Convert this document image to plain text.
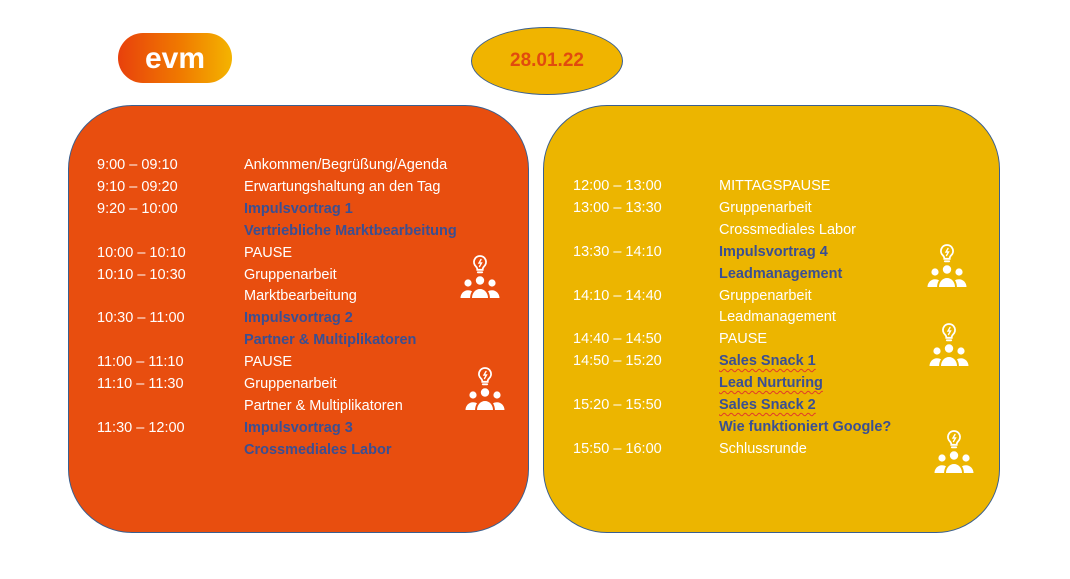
evm	28.01.22
9:00 – 09:10	Ankommen/Begrüßung/Agenda
9:10 – 09:20	Erwartungshaltung an den Tag
9:20 – 10:00	Impulsvortrag 1
Vertriebliche Marktbearbeitung
10:00 – 10:10	PAUSE
10:10 – 10:30	Gruppenarbeit
Marktbearbeitung
10:30 – 11:00	Impulsvortrag 2
Partner & Multiplikatoren
11:00 – 11:10	PAUSE
11:10 – 11:30	Gruppenarbeit
Partner & Multiplikatoren
11:30 – 12:00	Impulsvortrag 3
Crossmediales Labor
12:00 – 13:00	MITTAGSPAUSE
13:00 – 13:30	Gruppenarbeit
Crossmediales Labor
13:30 – 14:10	Impulsvortrag 4
Leadmanagement
14:10 – 14:40	Gruppenarbeit
Leadmanagement
14:40 – 14:50	PAUSE
14:50 – 15:20	Sales Snack 1
Lead Nurturing
15:20 – 15:50	Sales Snack 2
Wie funktioniert Google?
15:50 – 16:00	Schlussrunde
